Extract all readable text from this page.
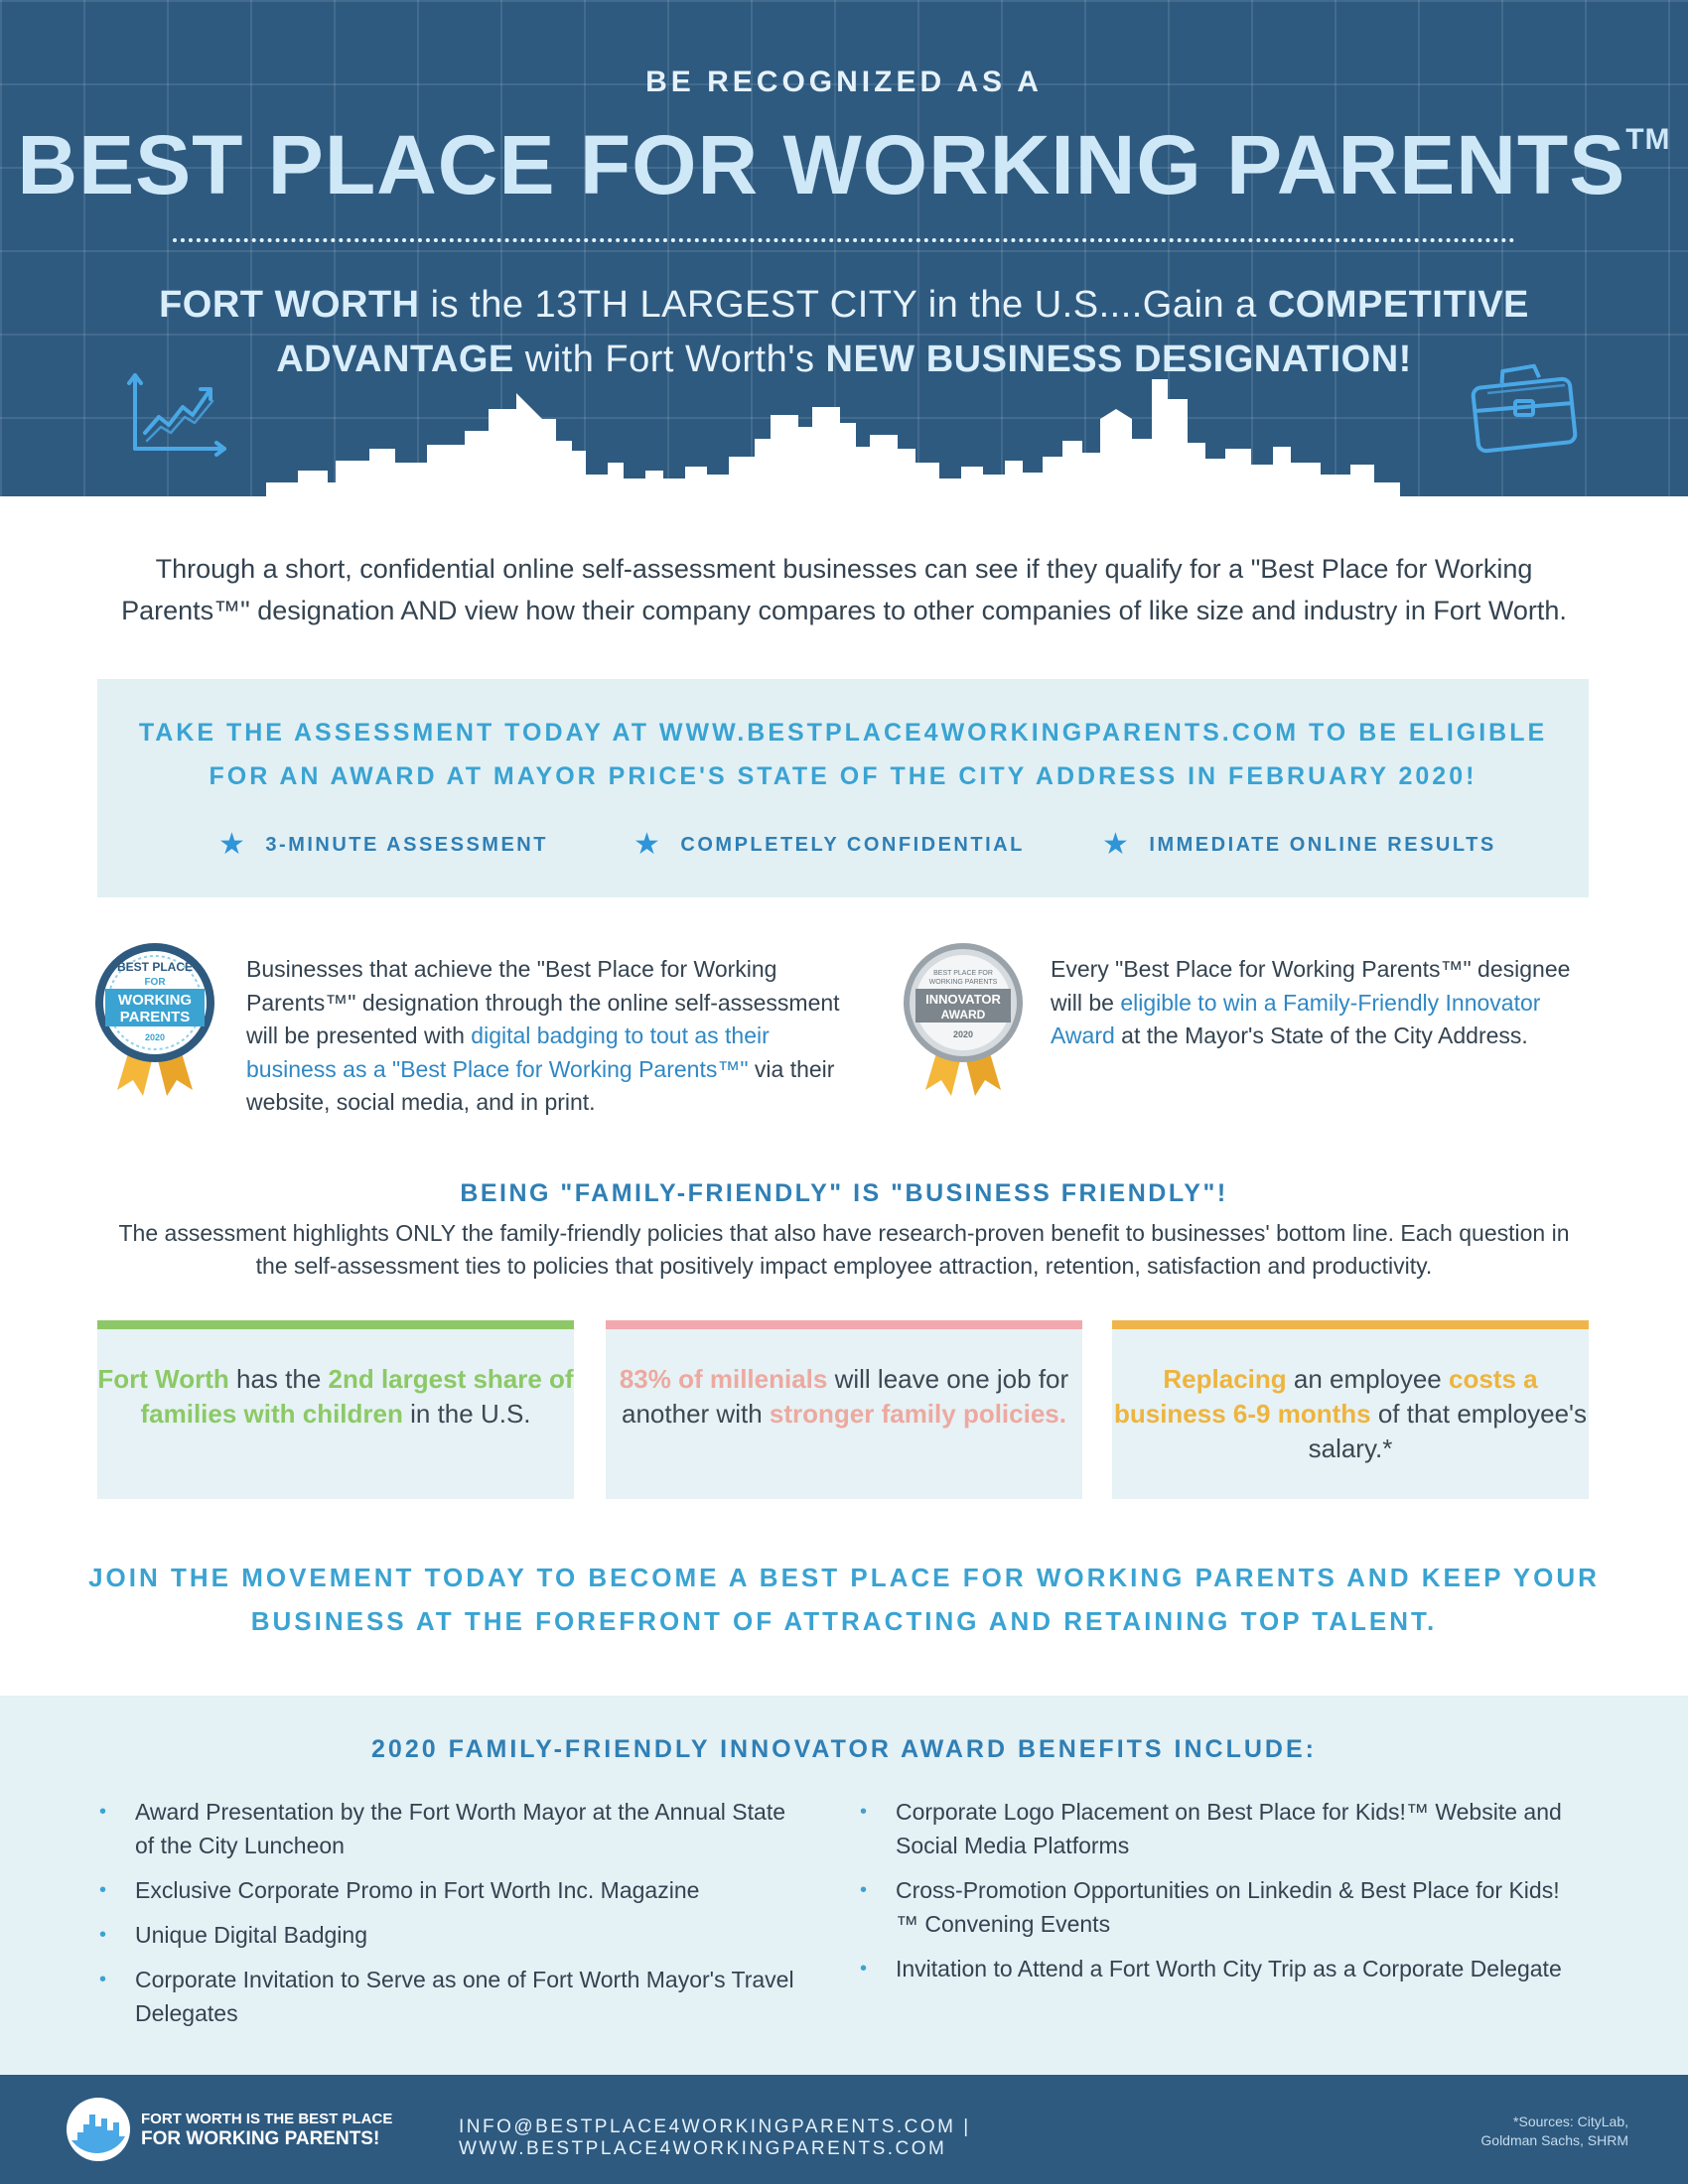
BE RECOGNIZED AS A
BEST PLACE FOR WORKING PARENTS™
FORT WORTH is the 13TH LARGEST CITY in the U.S....Gain a COMPETITIVE
ADVANTAGE with Fort Worth's NEW BUSINESS DESIGNATION!

Through a short, confidential online self-assessment businesses can see if they qualify for a "Best Place for Working Parents™" designation AND view how their company compares to other companies of like size and industry in Fort Worth.

TAKE THE ASSESSMENT TODAY AT WWW.BESTPLACE4WORKINGPARENTS.COM TO BE ELIGIBLE
FOR AN AWARD AT MAYOR PRICE'S STATE OF THE CITY ADDRESS IN FEBRUARY 2020!
★ 3-MINUTE ASSESSMENT	★ COMPLETELY CONFIDENTIAL	★ IMMEDIATE ONLINE RESULTS
BEST PLACE
FOR
WORKING
PARENTS
2020

Businesses that achieve the "Best Place for Working Parents™" designation through the online self-assessment will be presented with digital badging to tout as their business as a "Best Place for Working Parents™" via their website, social media, and in print.

BEST PLACE FOR
WORKING PARENTS
INNOVATOR
AWARD
2020

Every "Best Place for Working Parents™" designee will be eligible to win a Family-Friendly Innovator Award at the Mayor's State of the City Address.

BEING "FAMILY-FRIENDLY" IS "BUSINESS FRIENDLY"!

The assessment highlights ONLY the family-friendly policies that also have research-proven benefit to businesses' bottom line. Each question in the self-assessment ties to policies that positively impact employee attraction, retention, satisfaction and productivity.

Fort Worth has the 2nd largest share of families with children in the U.S.
83% of millenials will leave one job for another with stronger family policies.
Replacing an employee costs a business 6-9 months of that employee's salary.*
JOIN THE MOVEMENT TODAY TO BECOME A BEST PLACE FOR WORKING PARENTS AND KEEP YOUR
BUSINESS AT THE FOREFRONT OF ATTRACTING AND RETAINING TOP TALENT.
2020 FAMILY-FRIENDLY INNOVATOR AWARD BENEFITS INCLUDE:
• Award Presentation by the Fort Worth Mayor at the Annual State of the City Luncheon
• Exclusive Corporate Promo in Fort Worth Inc. Magazine
• Unique Digital Badging
• Corporate Invitation to Serve as one of Fort Worth Mayor's Travel Delegates
• Corporate Logo Placement on Best Place for Kids!™ Website and Social Media Platforms
• Cross-Promotion Opportunities on Linkedin & Best Place for Kids!™ Convening Events
• Invitation to Attend a Fort Worth City Trip as a Corporate Delegate
FORT WORTH IS THE BEST PLACE
FOR WORKING PARENTS!
INFO@BESTPLACE4WORKINGPARENTS.COM | WWW.BESTPLACE4WORKINGPARENTS.COM
*Sources: CityLab,
Goldman Sachs, SHRM
